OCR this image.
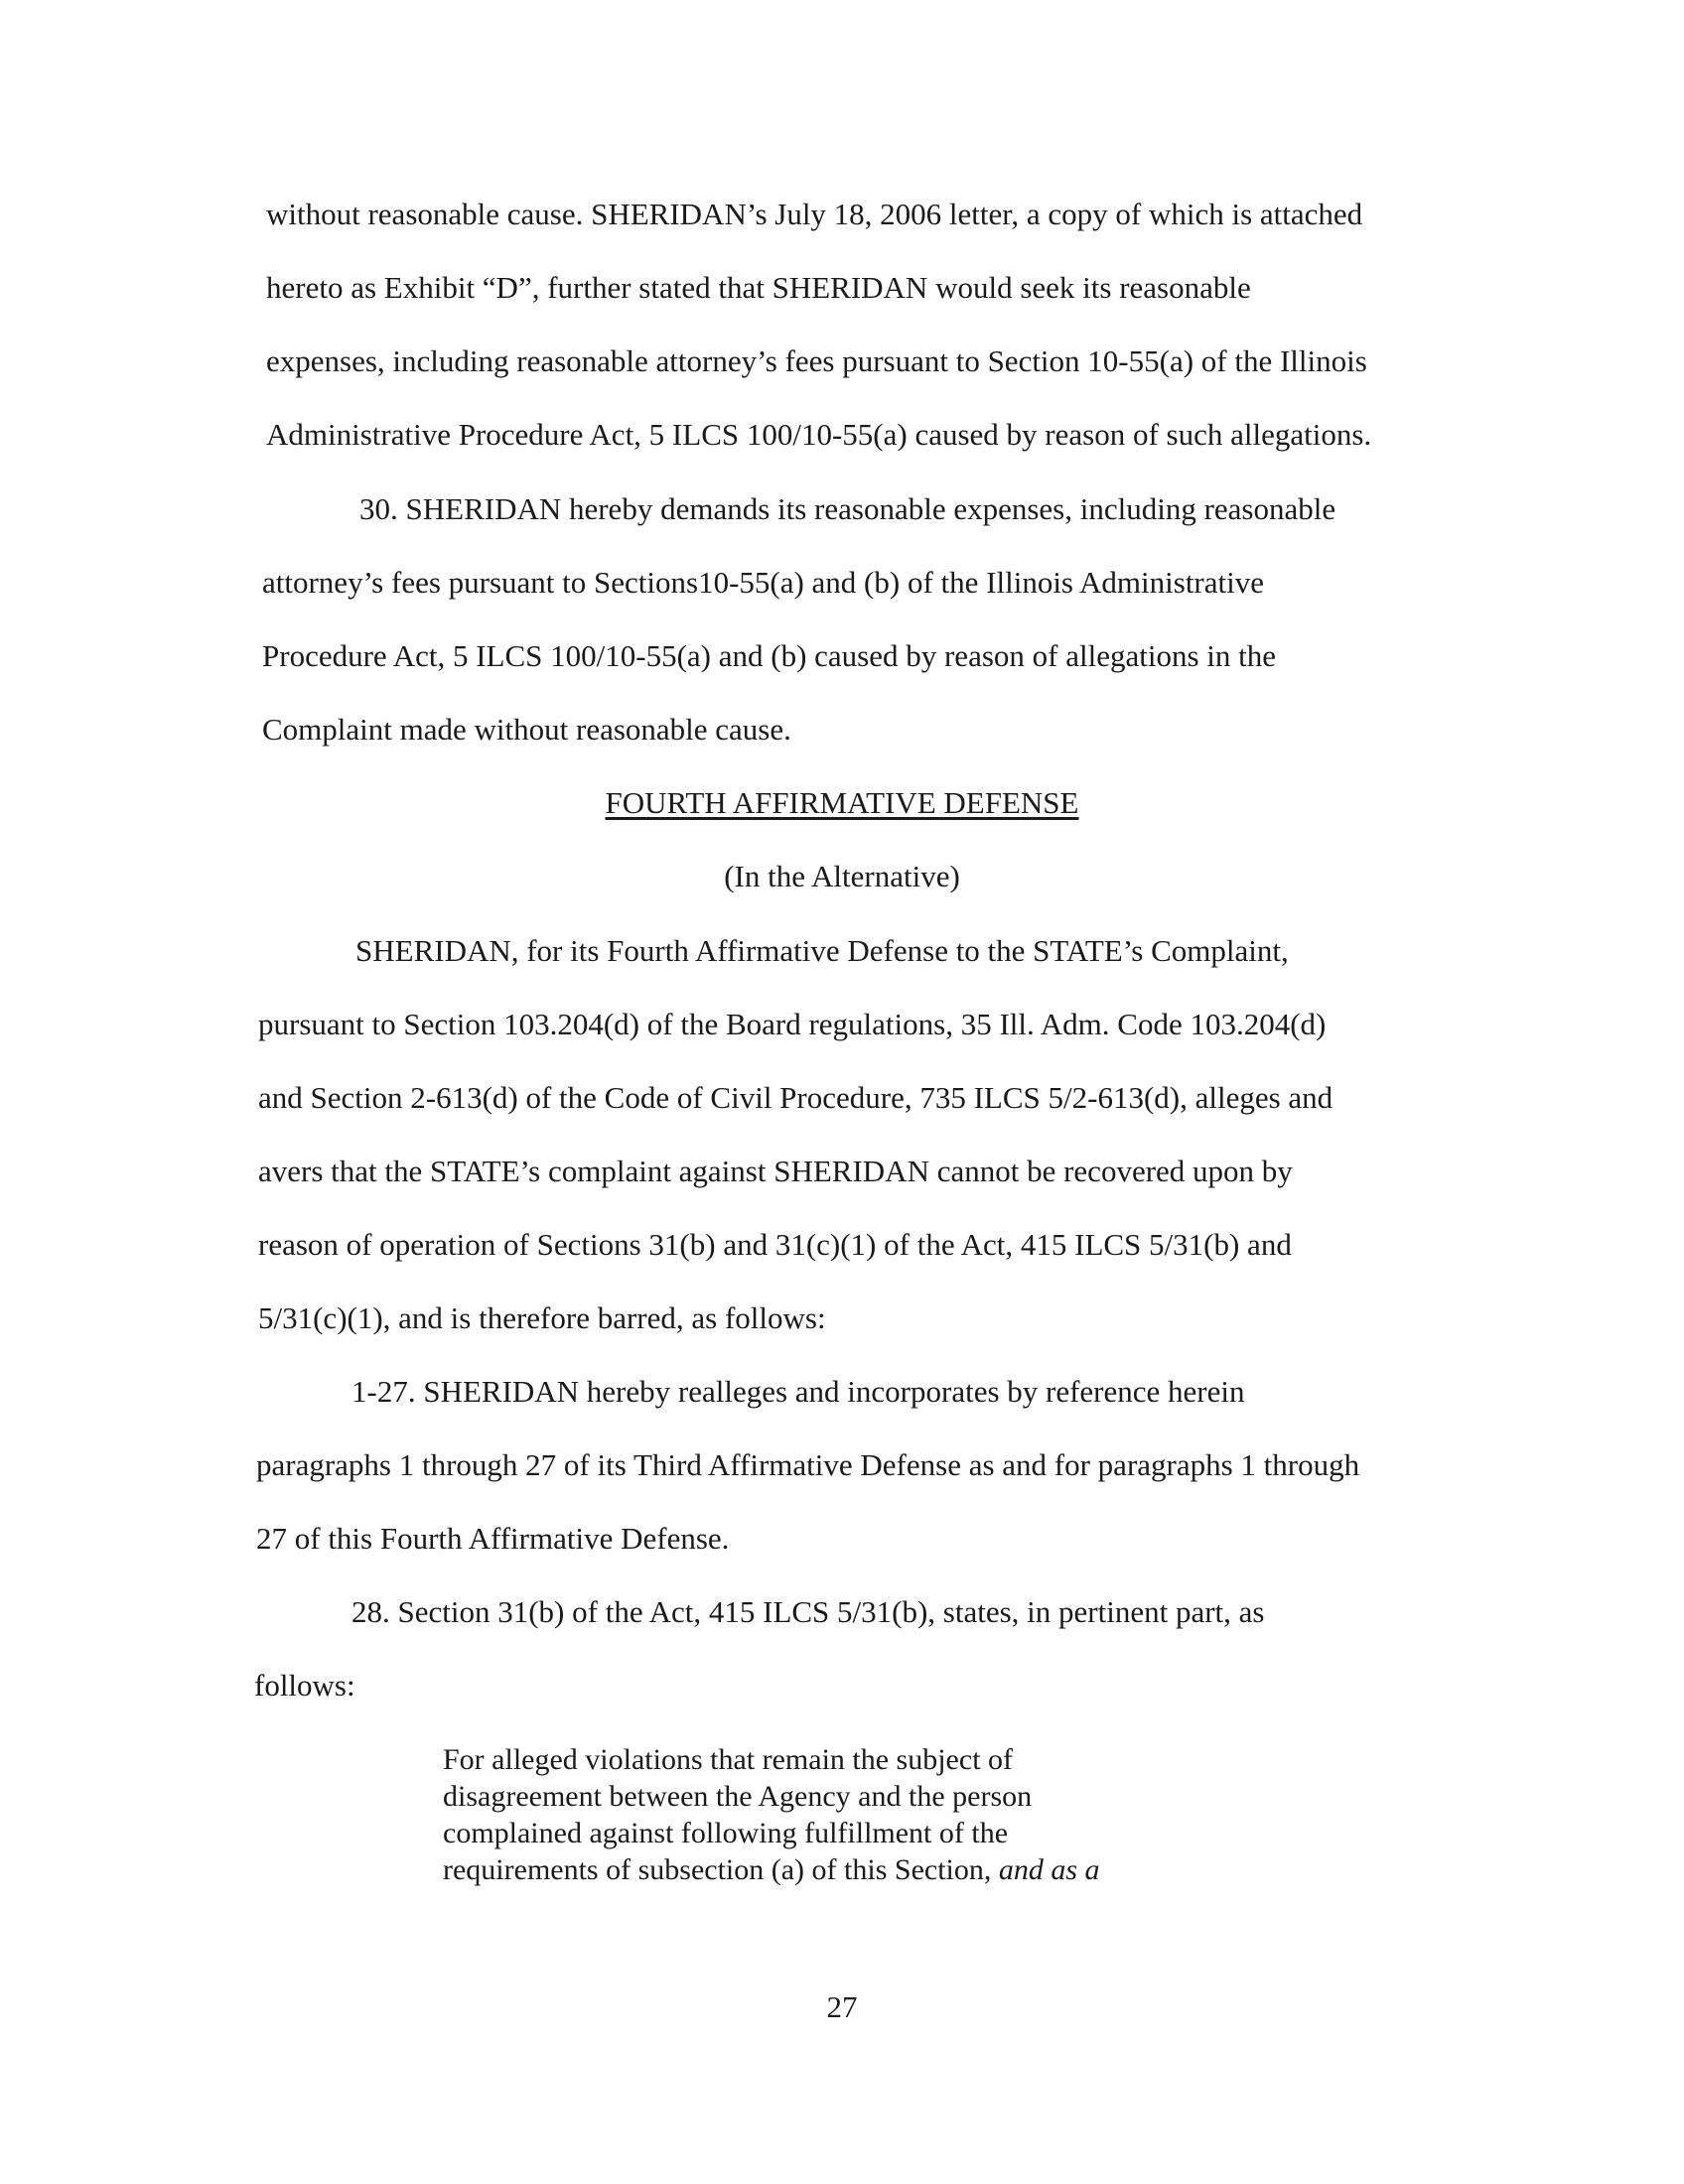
without reasonable cause. SHERIDAN’s July 18, 2006 letter, a copy of which is attached
hereto as Exhibit “D”, further stated that SHERIDAN would seek its reasonable
expenses, including reasonable attorney’s fees pursuant to Section 10-55(a) of the Illinois
Administrative Procedure Act, 5 ILCS 100/10-55(a) caused by reason of such allegations.
30. SHERIDAN hereby demands its reasonable expenses, including reasonable
attorney’s fees pursuant to Sections10-55(a) and (b) of the Illinois Administrative
Procedure Act, 5 ILCS 100/10-55(a) and (b) caused by reason of allegations in the
Complaint made without reasonable cause.
FOURTH AFFIRMATIVE DEFENSE
(In the Alternative)
SHERIDAN, for its Fourth Affirmative Defense to the STATE’s Complaint,
pursuant to Section 103.204(d) of the Board regulations, 35 Ill. Adm. Code 103.204(d)
and Section 2-613(d) of the Code of Civil Procedure, 735 ILCS 5/2-613(d), alleges and
avers that the STATE’s complaint against SHERIDAN cannot be recovered upon by
reason of operation of Sections 31(b) and 31(c)(1) of the Act, 415 ILCS 5/31(b) and
5/31(c)(1), and is therefore barred, as follows:
1-27. SHERIDAN hereby realleges and incorporates by reference herein
paragraphs 1 through 27 of its Third Affirmative Defense as and for paragraphs 1 through
27 of this Fourth Affirmative Defense.
28. Section 31(b) of the Act, 415 ILCS 5/31(b), states, in pertinent part, as
follows:
For alleged violations that remain the subject of
disagreement between the Agency and the person
complained against following fulfillment of the
requirements of subsection (a) of this Section, and as a
27
